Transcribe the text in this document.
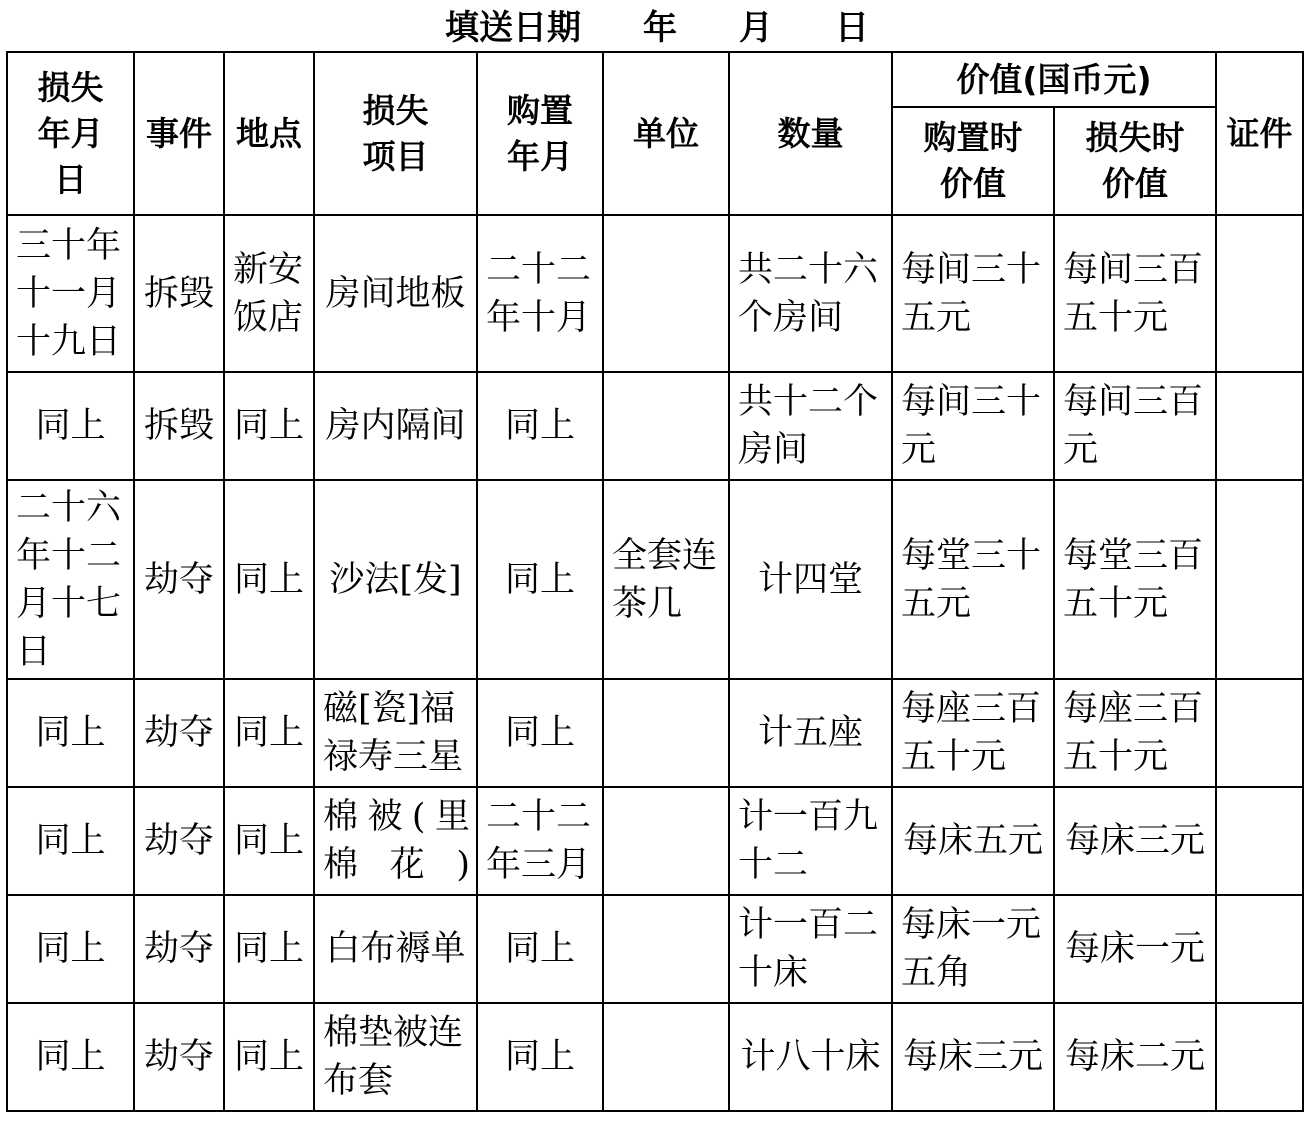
填送日期 年 月 日
损失年月日	事件	地点	损失项目	购置年月	单位	数量	价值(国币元)		证件
							购置时价值	损失时价值	
三十年十一月十九日	拆毁	新安饭店	房间地板	二十二年十月		共二十六个房间	每间三十五元	每间三百五十元	
同上	拆毁	同上	房内隔间	同上		共十二个房间	每间三十元	每间三百元	
二十六年十二月十七日	劫夺	同上	沙法[发]	同上	全套连茶几	计四堂	每堂三十五元	每堂三百五十元	
同上	劫夺	同上	磁[瓷]福禄寿三星	同上		计五座	每座三百五十元	每座三百五十元	
同上	劫夺	同上	棉被(里棉花)	二十二年三月		计一百九十二	每床五元	每床三元	
同上	劫夺	同上	白布褥单	同上		计一百二十床	每床一元五角	每床一元	
同上	劫夺	同上	棉垫被连布套	同上		计八十床	每床三元	每床二元	
